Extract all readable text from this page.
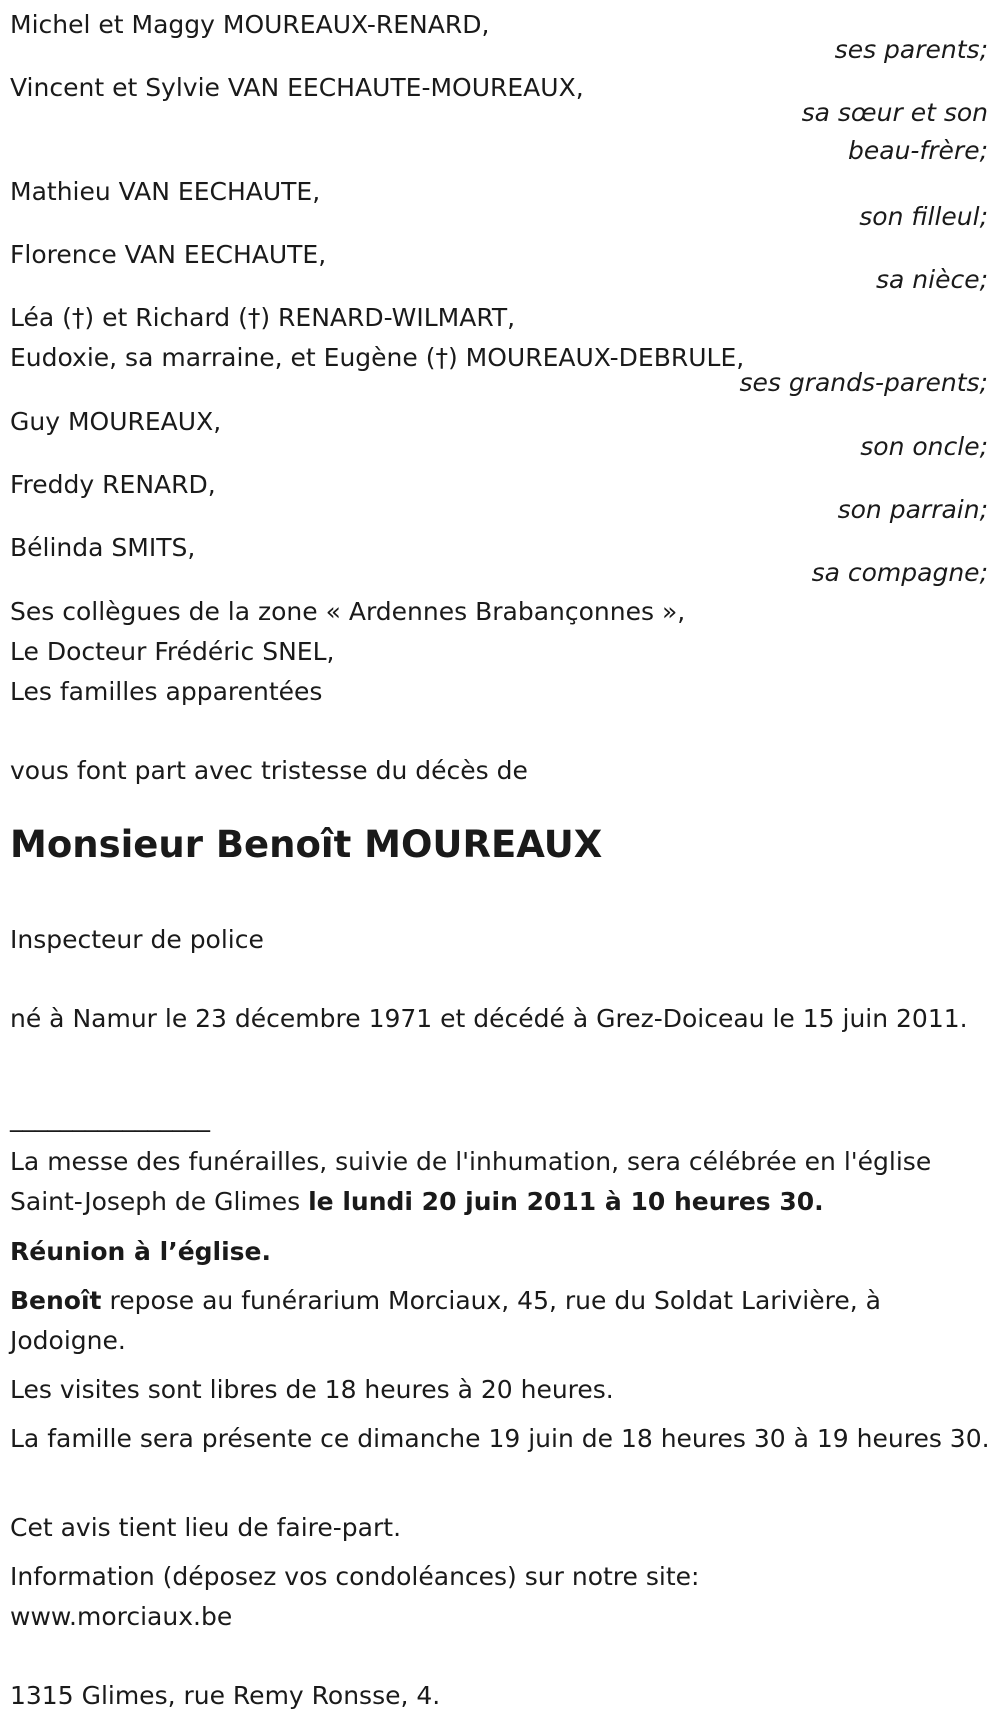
Michel et Maggy MOUREAUX-RENARD,
ses parents;
Vincent et Sylvie VAN EECHAUTE-MOUREAUX,
sa sœur et son
beau-frère;
Mathieu VAN EECHAUTE,
son filleul;
Florence VAN EECHAUTE,
sa nièce;
Léa (†) et Richard (†) RENARD-WILMART,
Eudoxie, sa marraine, et Eugène (†) MOUREAUX-DEBRULE,
ses grands-parents;
Guy MOUREAUX,
son oncle;
Freddy RENARD,
son parrain;
Bélinda SMITS,
sa compagne;
Ses collègues de la zone « Ardennes Brabançonnes »,
Le Docteur Frédéric SNEL,
Les familles apparentées
vous font part avec tristesse du décès de
Monsieur Benoît MOUREAUX
Inspecteur de police
né à Namur le 23 décembre 1971 et décédé à Grez-Doiceau le 15 juin 2011.
________________
La messe des funérailles, suivie de l'inhumation, sera célébrée en l'église Saint-Joseph de Glimes le lundi 20 juin 2011 à 10 heures 30.
Réunion à l’église.
Benoît repose au funérarium Morciaux, 45, rue du Soldat Larivière, à Jodoigne.
Les visites sont libres de 18 heures à 20 heures.
La famille sera présente ce dimanche 19 juin de 18 heures 30 à 19 heures 30.
Cet avis tient lieu de faire-part.
Information (déposez vos condoléances) sur notre site:
www.morciaux.be
1315 Glimes, rue Remy Ronsse, 4.
